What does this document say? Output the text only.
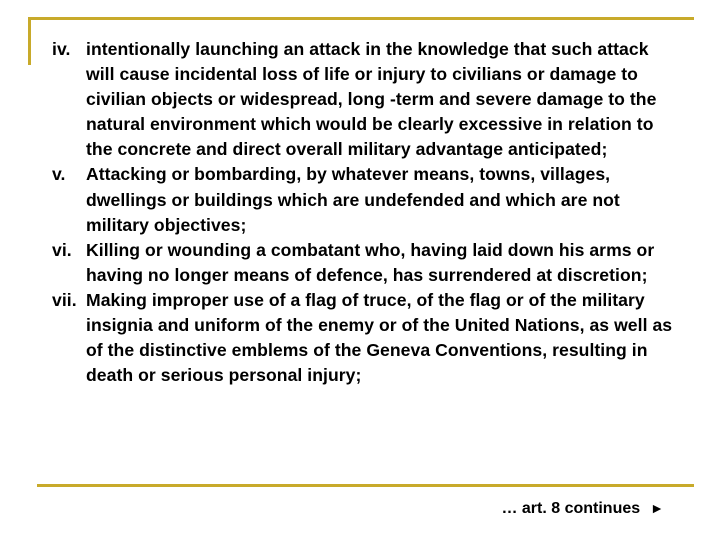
iv. intentionally launching an attack in the knowledge that such attack will cause incidental loss of life or injury to civilians or damage to civilian objects or widespread, long -term and severe damage to the natural environment which would be clearly excessive in relation to the concrete and direct overall military advantage anticipated;
v.	Attacking or bombarding, by whatever means, towns, villages, dwellings or buildings which are undefended and which are not military objectives;
vi. Killing or wounding a combatant who, having laid down his arms or having no longer means of defence, has surrendered at discretion;
vii. Making improper use of a flag of truce, of the flag or of the military insignia and uniform of the enemy or of the United Nations, as well as of the distinctive emblems of the Geneva Conventions, resulting in death or serious personal injury;
… art. 8 continues ►
